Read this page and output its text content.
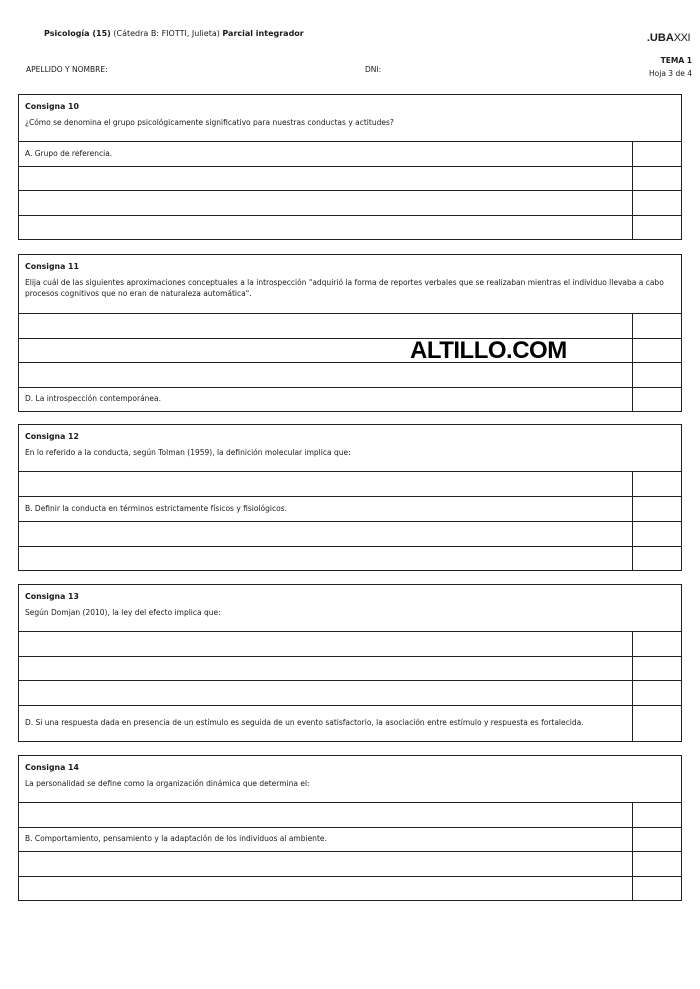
Psicología (15) (Cátedra B: FIOTTI, Julieta) Parcial integrador	.UBAXXI
APELLIDO Y NOMBRE:	DNI:
TEMA 1
Hoja 3 de 4
Consigna 10
¿Cómo se denomina el grupo psicológicamente significativo para nuestras conductas y actitudes?
A. Grupo de referencia.
Consigna 11
Elija cuál de las siguientes aproximaciones conceptuales a la introspección "adquirió la forma de reportes verbales que se realizaban mientras el individuo llevaba a cabo procesos cognitivos que no eran de naturaleza automática".
D. La introspección contemporánea.
Consigna 12
En lo referido a la conducta, según Tolman (1959), la definición molecular implica que:
B. Definir la conducta en términos estrictamente físicos y fisiológicos.
Consigna 13
Según Domjan (2010), la ley del efecto implica que:
D. Si una respuesta dada en presencia de un estímulo es seguida de un evento satisfactorio, la asociación entre estímulo y respuesta es fortalecida.
Consigna 14
La personalidad se define como la organización dinámica que determina el:
B. Comportamiento, pensamiento y la adaptación de los individuos al ambiente.
ALTILLO.COM
